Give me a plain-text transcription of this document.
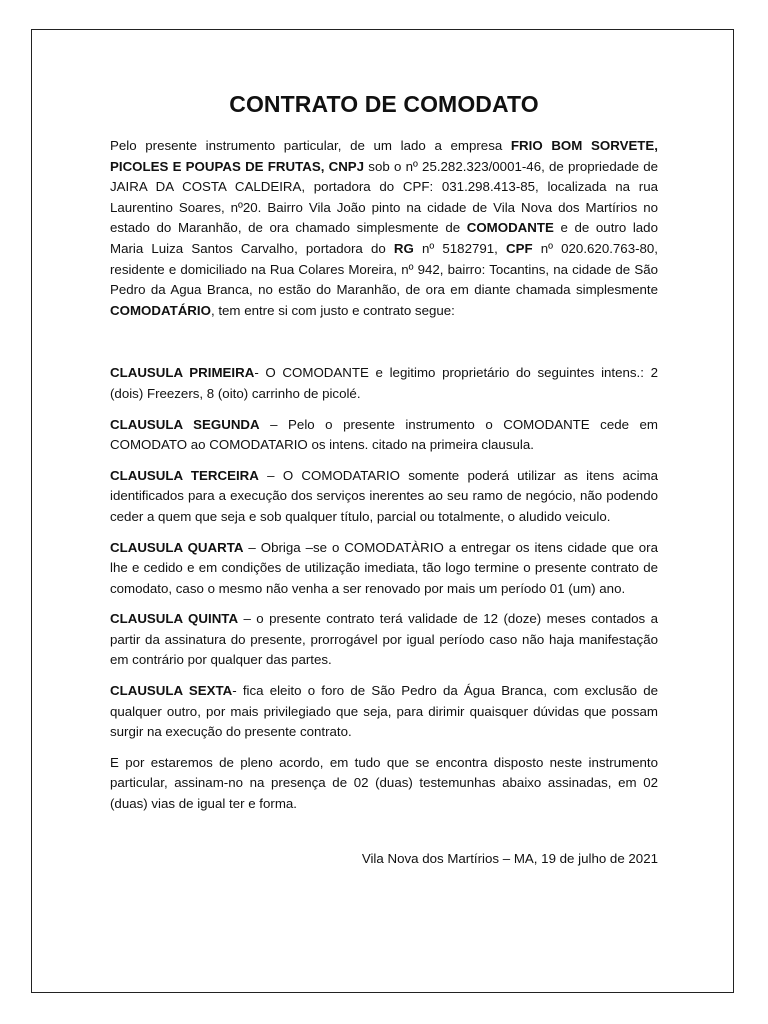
CONTRATO DE COMODATO

Pelo presente instrumento particular, de um lado a empresa FRIO BOM SORVETE, PICOLES E POUPAS DE FRUTAS, CNPJ sob o nº 25.282.323/0001-46, de propriedade de JAIRA DA COSTA CALDEIRA, portadora do CPF: 031.298.413-85, localizada na rua Laurentino Soares, nº20. Bairro Vila João pinto na cidade de Vila Nova dos Martírios no estado do Maranhão, de ora chamado simplesmente de COMODANTE e de outro lado Maria Luiza Santos Carvalho, portadora do RG nº 5182791, CPF nº 020.620.763-80, residente e domiciliado na Rua Colares Moreira, nº 942, bairro: Tocantins, na cidade de São Pedro da Agua Branca, no estão do Maranhão, de ora em diante chamada simplesmente COMODATÁRIO, tem entre si com justo e contrato segue:

CLAUSULA PRIMEIRA- O COMODANTE e legitimo proprietário do seguintes intens.: 2 (dois) Freezers, 8 (oito) carrinho de picolé.

CLAUSULA SEGUNDA – Pelo o presente instrumento o COMODANTE cede em COMODATO ao COMODATARIO os intens. citado na primeira clausula.

CLAUSULA TERCEIRA – O COMODATARIO somente poderá utilizar as itens acima identificados para a execução dos serviços inerentes ao seu ramo de negócio, não podendo ceder a quem que seja e sob qualquer título, parcial ou totalmente, o aludido veiculo.

CLAUSULA QUARTA – Obriga –se o COMODATÀRIO a entregar os itens cidade que ora lhe e cedido e em condições de utilização imediata, tão logo termine o presente contrato de comodato, caso o mesmo não venha a ser renovado por mais um período 01 (um) ano.

CLAUSULA QUINTA – o presente contrato terá validade de 12 (doze) meses contados a partir da assinatura do presente, prorrogável por igual período caso não haja manifestação em contrário por qualquer das partes.

CLAUSULA SEXTA- fica eleito o foro de São Pedro da Água Branca, com exclusão de qualquer outro, por mais privilegiado que seja, para dirimir quaisquer dúvidas que possam surgir na execução do presente contrato.

E por estaremos de pleno acordo, em tudo que se encontra disposto neste instrumento particular, assinam-no na presença de 02 (duas) testemunhas abaixo assinadas, em 02 (duas) vias de igual ter e forma.

Vila Nova dos Martírios – MA, 19 de julho de 2021
